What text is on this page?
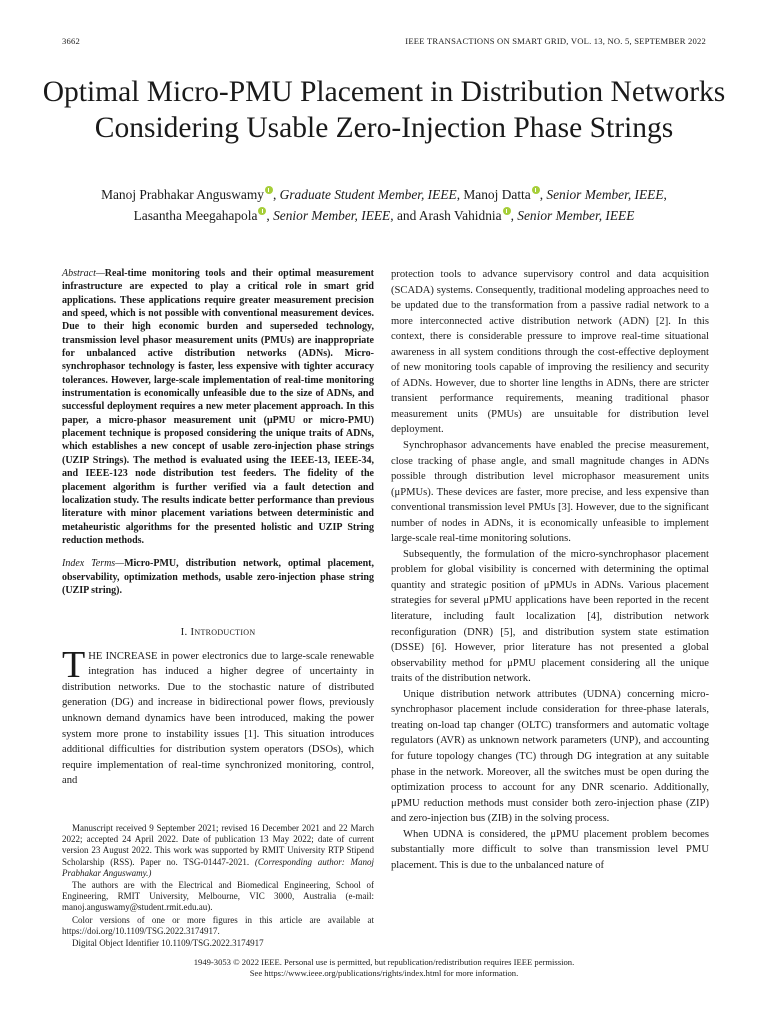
3662	IEEE TRANSACTIONS ON SMART GRID, VOL. 13, NO. 5, SEPTEMBER 2022
Optimal Micro-PMU Placement in Distribution Networks Considering Usable Zero-Injection Phase Strings
Manoj Prabhakar Anguswamy , Graduate Student Member, IEEE, Manoj Datta , Senior Member, IEEE,
Lasantha Meegahapola , Senior Member, IEEE, and Arash Vahidnia , Senior Member, IEEE
Abstract—Real-time monitoring tools and their optimal measurement infrastructure are expected to play a critical role in smart grid applications. These applications require greater measurement precision and speed, which is not possible with conventional measurement devices. Due to their high economic burden and superseded technology, transmission level phasor measurement units (PMUs) are inappropriate for unbalanced active distribution networks (ADNs). Micro-synchrophasor technology is faster, less expensive with tighter accuracy tolerances. However, large-scale implementation of real-time monitoring instrumentation is economically unfeasible due to the size of ADNs, and successful deployment requires a new meter placement approach. In this paper, a micro-phasor measurement unit (μPMU or micro-PMU) placement technique is proposed considering the unique traits of ADNs, which establishes a new concept of usable zero-injection phase strings (UZIP Strings). The method is evaluated using the IEEE-13, IEEE-34, and IEEE-123 node distribution test feeders. The fidelity of the placement algorithm is further verified via a fault detection and localization study. The results indicate better performance than previous literature with minor placement variations between deterministic and metaheuristic algorithms for the presented holistic and UZIP String reduction methods.
Index Terms—Micro-PMU, distribution network, optimal placement, observability, optimization methods, usable zero-injection phase string (UZIP string).
I. Introduction

THE INCREASE in power electronics due to large-scale renewable integration has induced a higher degree of uncertainty in distribution networks. Due to the stochastic nature of distributed generation (DG) and increase in bidirectional power flows, previously unknown demand dynamics have been introduced, making the power system more prone to instability issues [1]. This situation introduces additional difficulties for distribution system operators (DSOs), which require implementation of real-time synchronized monitoring, control, and

protection tools to advance supervisory control and data acquisition (SCADA) systems. Consequently, traditional modeling approaches need to be updated due to the transformation from a passive radial network to a more interconnected active distribution network (ADN) [2]. In this context, there is considerable pressure to improve real-time situational awareness in all system conditions through the cost-effective deployment of new monitoring tools capable of improving the resiliency and security of ADNs. However, due to shorter line lengths in ADNs, there are stricter transient performance requirements, meaning traditional phasor measurement units (PMUs) are unsuitable for distribution level deployment.

Synchrophasor advancements have enabled the precise measurement, close tracking of phase angle, and small magnitude changes in ADNs possible through distribution level microphasor measurement units (μPMUs). These devices are faster, more precise, and less expensive than conventional transmission level PMUs [3]. However, due to the significant number of nodes in ADNs, it is economically unfeasible to implement large-scale real-time monitoring solutions.

Subsequently, the formulation of the micro-synchrophasor placement problem for global visibility is concerned with determining the optimal quantity and strategic position of μPMUs in ADNs. Various placement strategies for several μPMU applications have been reported in the recent literature, including fault localization [4], distribution network reconfiguration (DNR) [5], and distribution system state estimation (DSSE) [6]. However, prior literature has not presented a global observability method for μPMU placement considering all the unique traits of the distribution network.

Unique distribution network attributes (UDNA) concerning micro-synchrophasor placement include consideration for three-phase laterals, treating on-load tap changer (OLTC) transformers and automatic voltage regulators (AVR) as unknown network parameters (UNP), and accounting for future topology changes (TC) through DG integration at any suitable phase in the network. Moreover, all the switches must be open during the optimization process to account for any DNR scenario. Additionally, μPMU reduction methods must consider both zero-injection phase (ZIP) and zero-injection bus (ZIB) in the solving process.

When UDNA is considered, the μPMU placement problem becomes substantially more difficult to solve than transmission level PMU placement. This is due to the unbalanced nature of

Manuscript received 9 September 2021; revised 16 December 2021 and 22 March 2022; accepted 24 April 2022. Date of publication 13 May 2022; date of current version 23 August 2022. This work was supported by RMIT University RTP Stipend Scholarship (RSS). Paper no. TSG-01447-2021. (Corresponding author: Manoj Prabhakar Anguswamy.)

The authors are with the Electrical and Biomedical Engineering, School of Engineering, RMIT University, Melbourne, VIC 3000, Australia (e-mail: manoj.anguswamy@student.rmit.edu.au).

Color versions of one or more figures in this article are available at https://doi.org/10.1109/TSG.2022.3174917.

Digital Object Identifier 10.1109/TSG.2022.3174917

1949-3053 © 2022 IEEE. Personal use is permitted, but republication/redistribution requires IEEE permission.
See https://www.ieee.org/publications/rights/index.html for more information.
